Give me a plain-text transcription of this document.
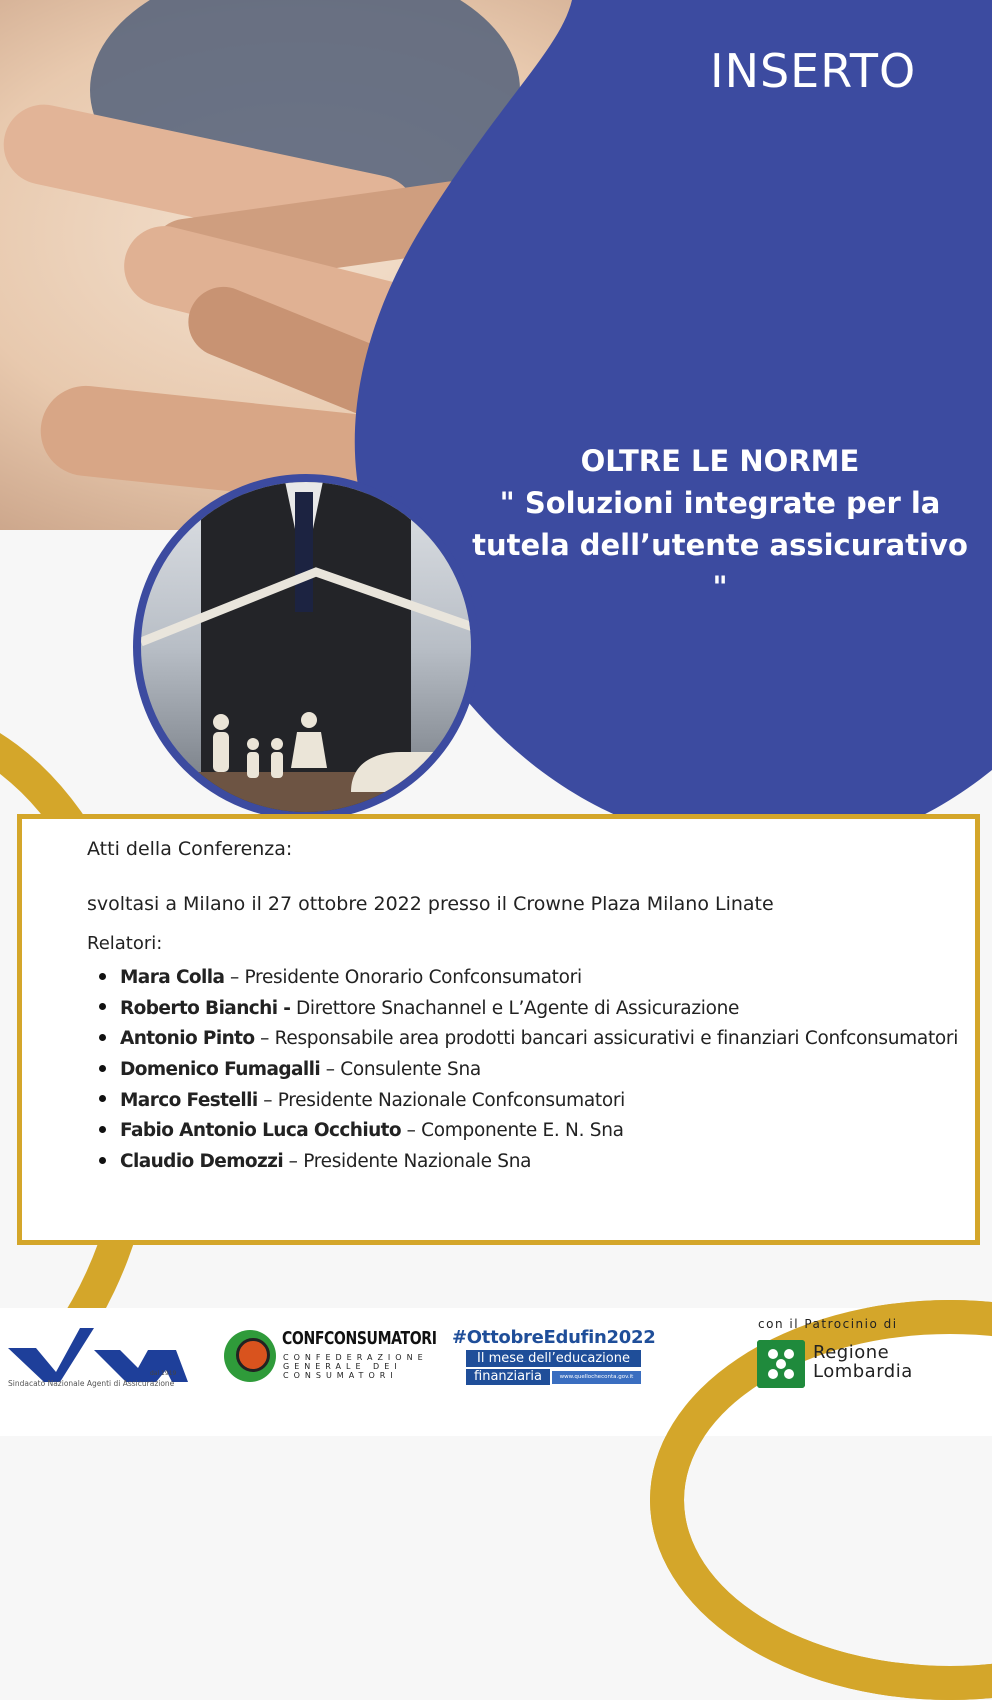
INSERTO
OLTRE LE NORME
" Soluzioni integrate per la
tutela dell’utente assicurativo "
Atti della Conferenza:
svoltasi a Milano il 27 ottobre 2022 presso il Crowne Plaza Milano Linate
Relatori:
Mara Colla – Presidente Onorario Confconsumatori
Roberto Bianchi - Direttore Snachannel e L’Agente di Assicurazione
Antonio Pinto – Responsabile area prodotti bancari assicurativi e finanziari Confconsumatori
Domenico Fumagalli – Consulente Sna
Marco Festelli – Presidente Nazionale Confconsumatori
Fabio Antonio Luca Occhiuto – Componente E. N. Sna
Claudio Demozzi – Presidente Nazionale Sna
dal 1919
Sindacato Nazionale Agenti di Assicurazione
CONFCONSUMATORI
CONFEDERAZIONE GENERALE DEI CONSUMATORI
#OttobreEdufin2022
Il mese dell’educazione
finanziaria	www.quellocheconta.gov.it
con il Patrocinio di
Regione
Lombardia
